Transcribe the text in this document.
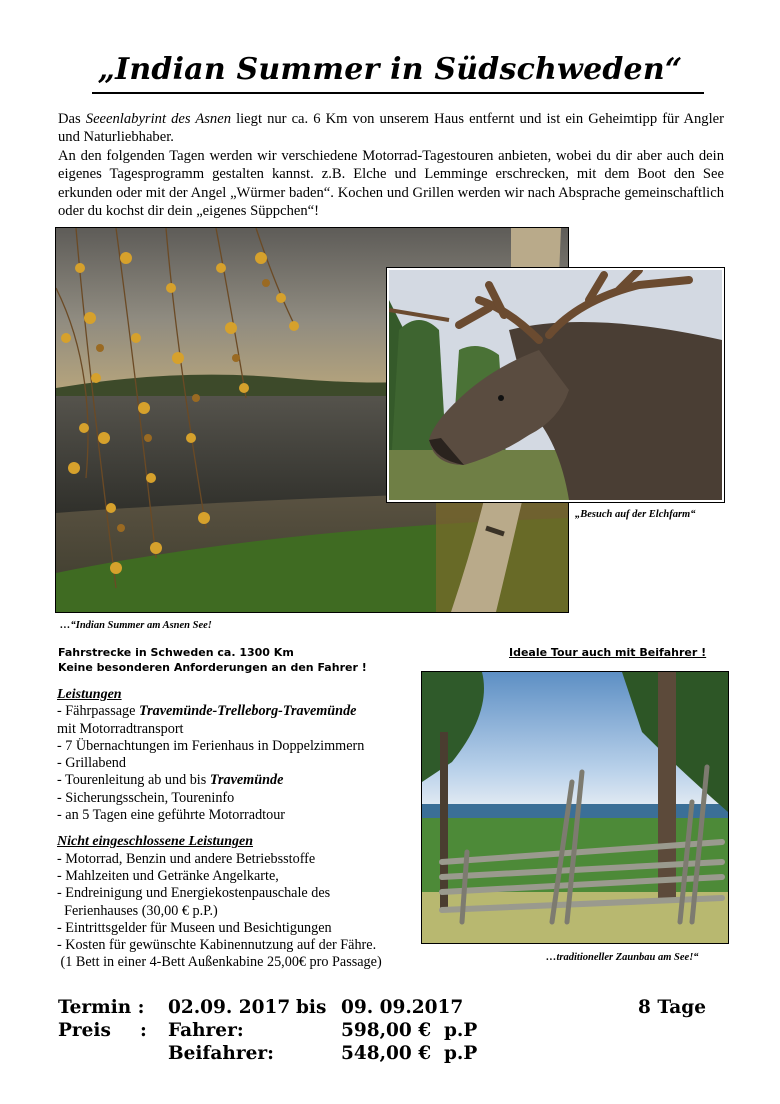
„Indian Summer in Südschweden“

Das Seeenlabyrint des Asnen liegt nur ca. 6 Km von unserem Haus entfernt und ist ein Geheimtipp für Angler und Naturliebhaber.

An den folgenden Tagen werden wir verschiedene Motorrad-Tagestouren anbieten, wobei du dir aber auch dein eigenes Tagesprogramm gestalten kannst. z.B. Elche und Lemminge erschrecken, mit dem Boot den See erkunden oder mit der Angel „Würmer baden“. Kochen und Grillen werden wir nach Absprache gemeinschaftlich oder du kochst dir dein „eigenes Süppchen“!

„Besuch auf der Elchfarm“
…“Indian Summer am Asnen See!
Fahrstrecke in Schweden ca. 1300 Km
Keine besonderen Anforderungen an den Fahrer !
Ideale Tour auch mit Beifahrer !
Leistungen
- Fährpassage Travemünde-Trelleborg-Travemünde
mit Motorradtransport
- 7 Übernachtungen im Ferienhaus in Doppelzimmern
- Grillabend
- Tourenleitung ab und bis Travemünde
- Sicherungsschein, Toureninfo
- an 5 Tagen eine geführte Motorradtour
Nicht eingeschlossene Leistungen
- Motorrad, Benzin und andere Betriebsstoffe
- Mahlzeiten und Getränke Angelkarte,
- Endreinigung und Energiekostenpauschale des
Ferienhauses (30,00 € p.P.)
- Eintrittsgelder für Museen und Besichtigungen
- Kosten für gewünschte Kabinennutzung auf der Fähre.
(1 Bett in einer 4-Bett Außenkabine 25,00€ pro Passage)	…traditioneller Zaunbau am See!“
Termin : 02.09. 2017 bis 09. 09.2017	8 Tage
Preis : Fahrer:	598,00 €  p.P
Beifahrer:	548,00 €  p.P
